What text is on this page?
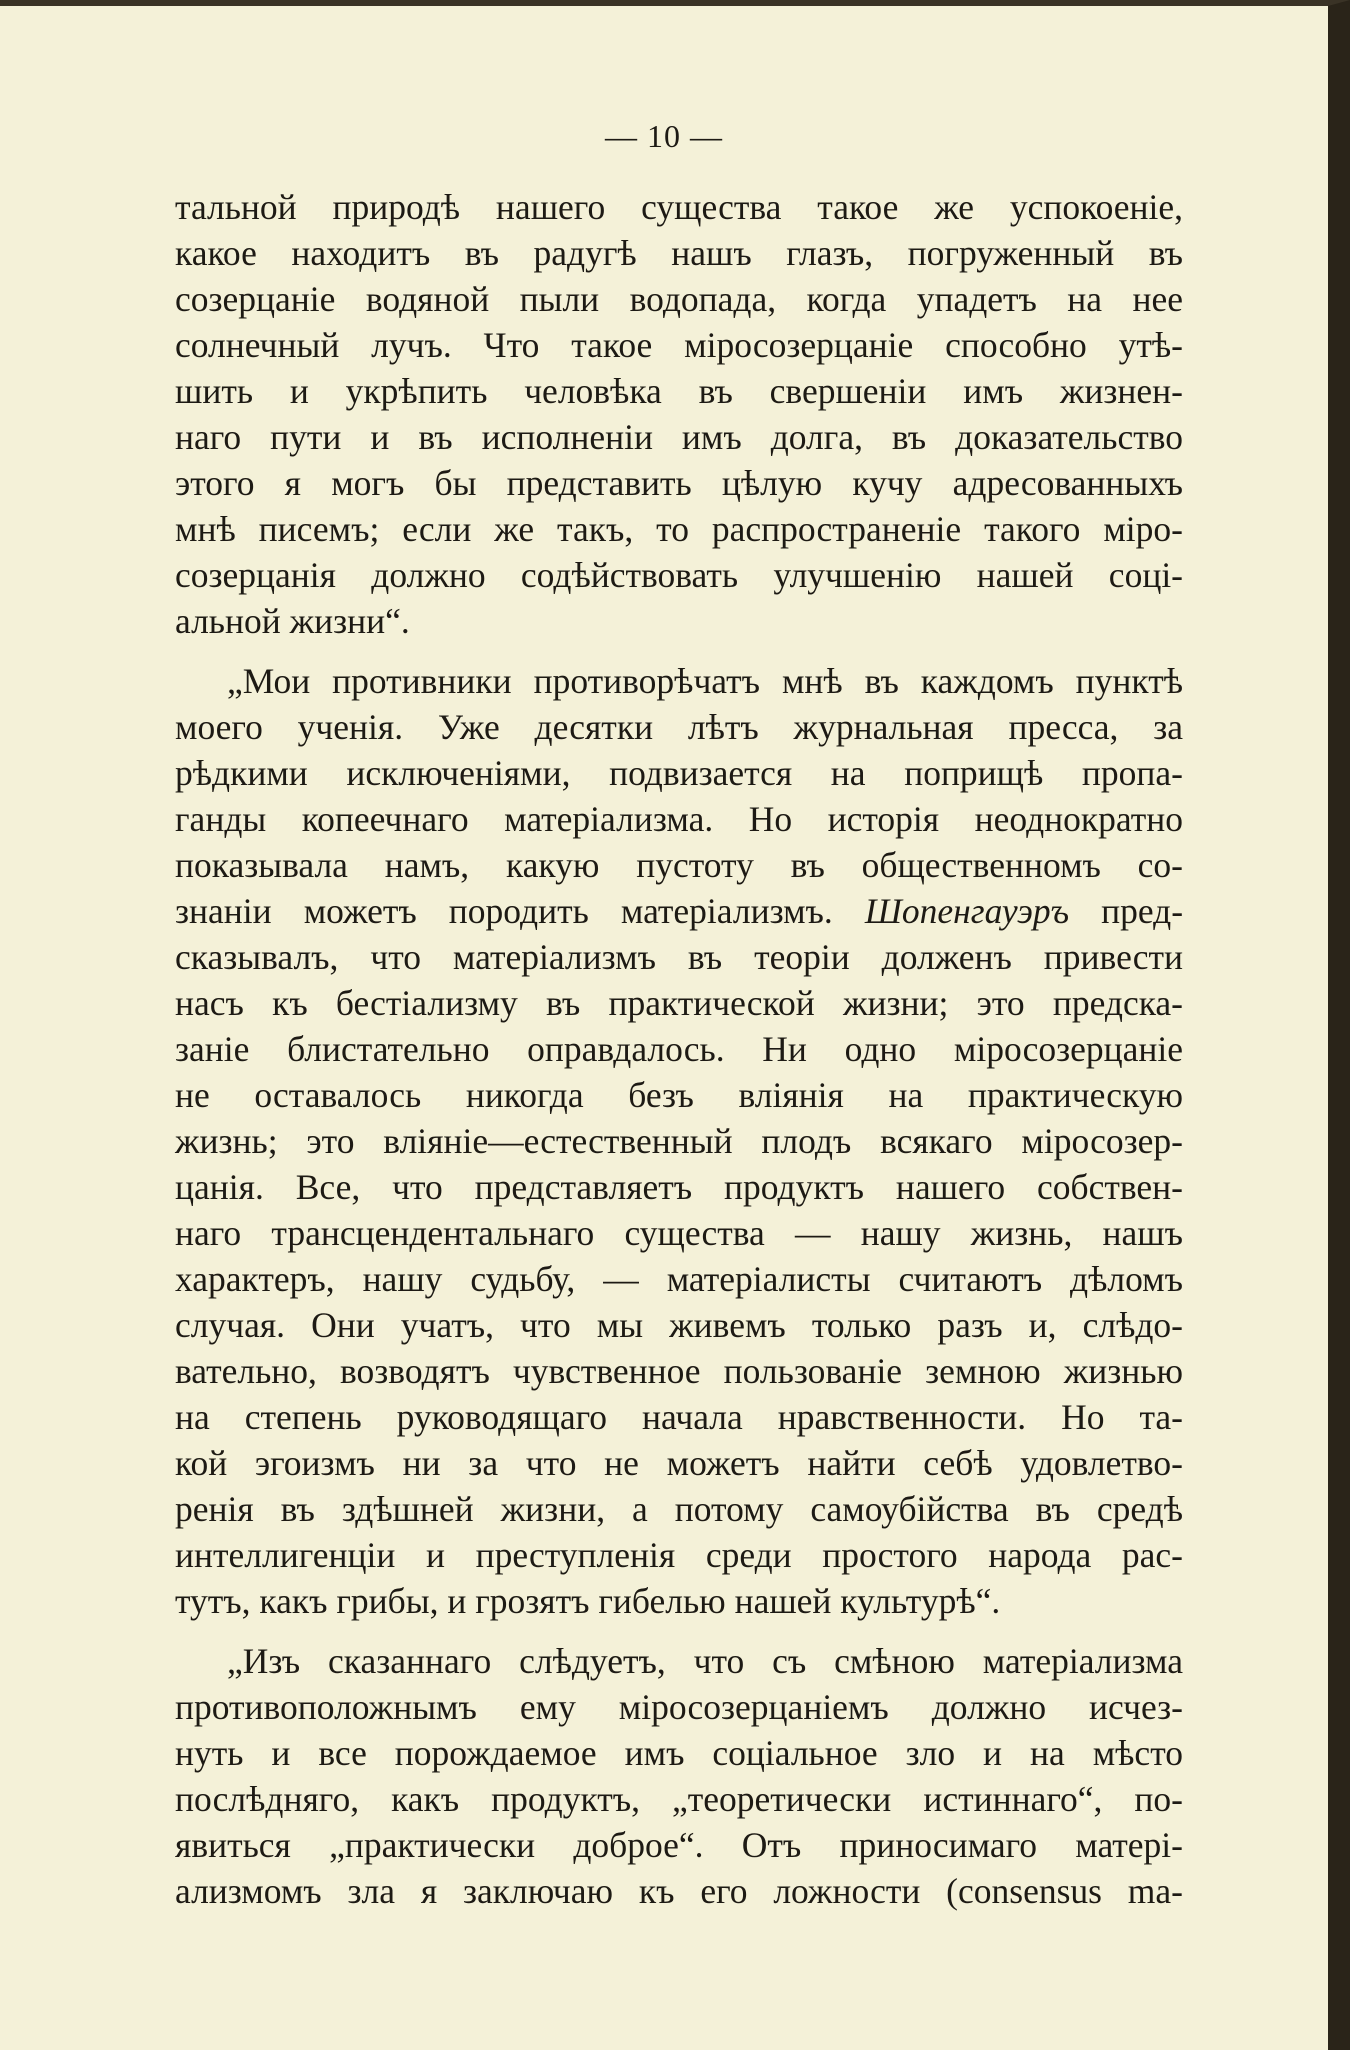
— 10 —
тальной природѣ нашего существа такое же успокоеніе,
какое находитъ въ радугѣ нашъ глазъ, погруженный въ
созерцаніе водяной пыли водопада, когда упадетъ на нее
солнечный лучъ. Что такое міросозерцаніе способно утѣ-
шить и укрѣпить человѣка въ свершеніи имъ жизнен-
наго пути и въ исполненіи имъ долга, въ доказательство
этого я могъ бы представить цѣлую кучу адресованныхъ
мнѣ писемъ; если же такъ, то распространеніе такого міро-
созерцанія должно содѣйствовать улучшенію нашей соці-
альной жизни“.
„Мои противники противорѣчатъ мнѣ въ каждомъ пунктѣ
моего ученія. Уже десятки лѣтъ журнальная пресса, за
рѣдкими исключеніями, подвизается на поприщѣ пропа-
ганды копеечнаго матеріализма. Но исторія неоднократно
показывала намъ, какую пустоту въ общественномъ со-
знаніи можетъ породить матеріализмъ. Шопенгауэръ пред-
сказывалъ, что матеріализмъ въ теоріи долженъ привести
насъ къ бестіализму въ практической жизни; это предска-
заніе блистательно оправдалось. Ни одно міросозерцаніе
не оставалось никогда безъ вліянія на практическую
жизнь; это вліяніе—естественный плодъ всякаго міросозер-
цанія. Все, что представляетъ продуктъ нашего собствен-
наго трансцендентальнаго существа — нашу жизнь, нашъ
характеръ, нашу судьбу, — матеріалисты считаютъ дѣломъ
случая. Они учатъ, что мы живемъ только разъ и, слѣдо-
вательно, возводятъ чувственное пользованіе земною жизнью
на степень руководящаго начала нравственности. Но та-
кой эгоизмъ ни за что не можетъ найти себѣ удовлетво-
ренія въ здѣшней жизни, а потому самоубійства въ средѣ
интеллигенціи и преступленія среди простого народа рас-
тутъ, какъ грибы, и грозятъ гибелью нашей культурѣ“.
„Изъ сказаннаго слѣдуетъ, что съ смѣною матеріализма
противоположнымъ ему міросозерцаніемъ должно исчез-
нуть и все порождаемое имъ соціальное зло и на мѣсто
послѣдняго, какъ продуктъ, „теоретически истиннаго“, по-
явиться „практически доброе“. Отъ приносимаго матері-
ализмомъ зла я заключаю къ его ложности (consensus ma-
